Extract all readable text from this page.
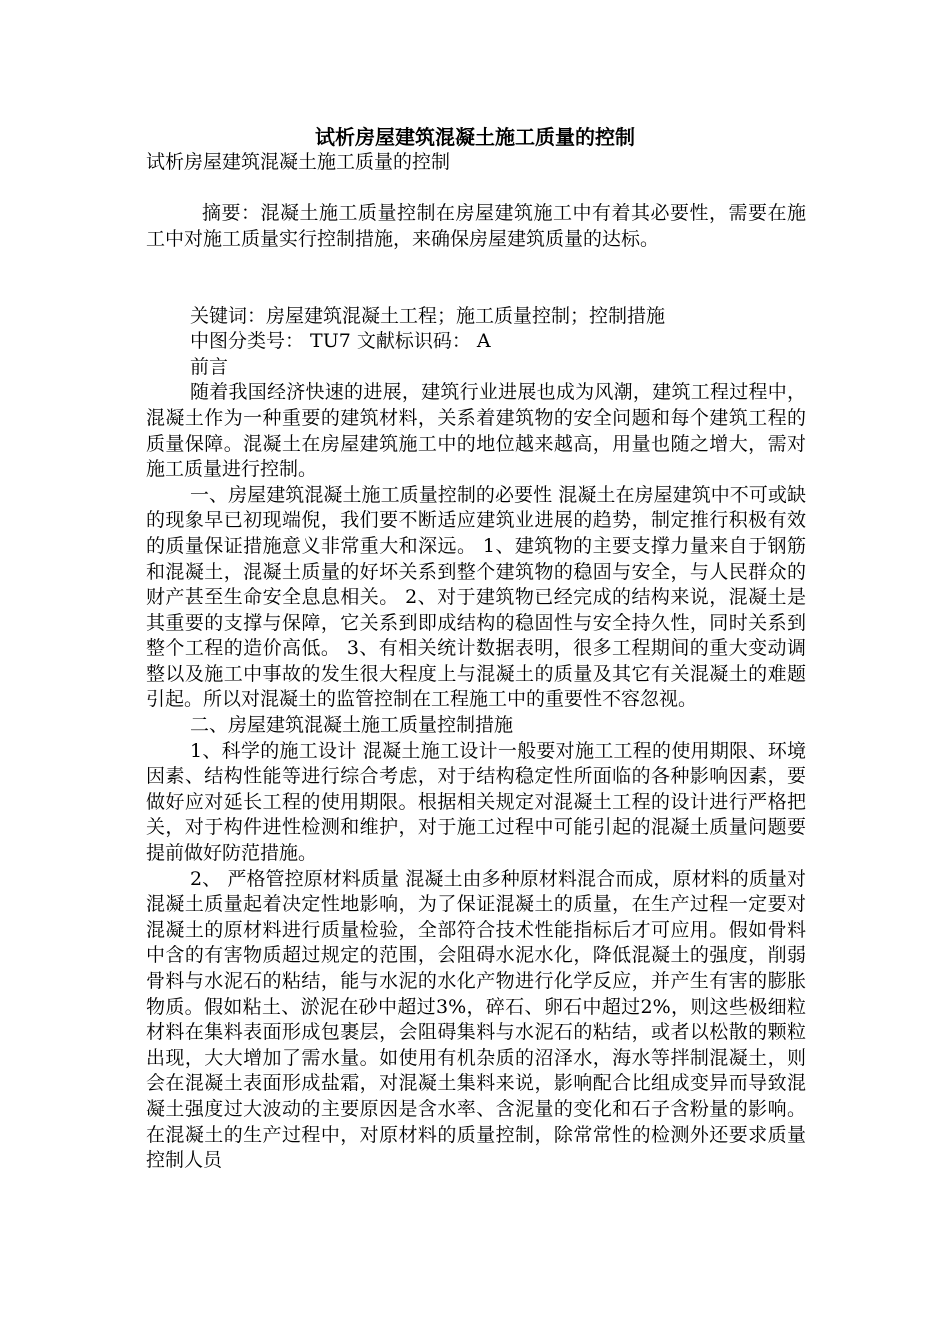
试析房屋建筑混凝土施工质量的控制

试析房屋建筑混凝土施工质量的控制

摘要：混凝土施工质量控制在房屋建筑施工中有着其必要性，需要在施工中对施工质量实行控制措施，来确保房屋建筑质量的达标。

关键词：房屋建筑混凝土工程；施工质量控制；控制措施

中图分类号： TU7 文献标识码： A

前言

随着我国经济快速的进展，建筑行业进展也成为风潮，建筑工程过程中，混凝土作为一种重要的建筑材料，关系着建筑物的安全问题和每个建筑工程的质量保障。混凝土在房屋建筑施工中的地位越来越高，用量也随之增大，需对施工质量进行控制。

一、房屋建筑混凝土施工质量控制的必要性 混凝土在房屋建筑中不可或缺的现象早已初现端倪，我们要不断适应建筑业进展的趋势，制定推行积极有效的质量保证措施意义非常重大和深远。 1、建筑物的主要支撑力量来自于钢筋和混凝土，混凝土质量的好坏关系到整个建筑物的稳固与安全，与人民群众的财产甚至生命安全息息相关。 2、对于建筑物已经完成的结构来说，混凝土是其重要的支撑与保障，它关系到即成结构的稳固性与安全持久性，同时关系到整个工程的造价高低。 3、有相关统计数据表明，很多工程期间的重大变动调整以及施工中事故的发生很大程度上与混凝土的质量及其它有关混凝土的难题引起。所以对混凝土的监管控制在工程施工中的重要性不容忽视。

二、房屋建筑混凝土施工质量控制措施

1、科学的施工设计 混凝土施工设计一般要对施工工程的使用期限、环境因素、结构性能等进行综合考虑，对于结构稳定性所面临的各种影响因素，要做好应对延长工程的使用期限。根据相关规定对混凝土工程的设计进行严格把关，对于构件进性检测和维护，对于施工过程中可能引起的混凝土质量问题要提前做好防范措施。

2、 严格管控原材料质量 混凝土由多种原材料混合而成，原材料的质量对混凝土质量起着决定性地影响，为了保证混凝土的质量，在生产过程一定要对混凝土的原材料进行质量检验，全部符合技术性能指标后才可应用。假如骨料中含的有害物质超过规定的范围，会阻碍水泥水化，降低混凝土的强度，削弱骨料与水泥石的粘结，能与水泥的水化产物进行化学反应，并产生有害的膨胀物质。假如粘土、淤泥在砂中超过3%，碎石、卵石中超过2%，则这些极细粒材料在集料表面形成包裹层，会阻碍集料与水泥石的粘结，或者以松散的颗粒出现，大大增加了需水量。如使用有机杂质的沼泽水，海水等拌制混凝土，则会在混凝土表面形成盐霜，对混凝土集料来说，影响配合比组成变异而导致混凝土强度过大波动的主要原因是含水率、含泥量的变化和石子含粉量的影响。在混凝土的生产过程中，对原材料的质量控制，除常常性的检测外还要求质量控制人员
